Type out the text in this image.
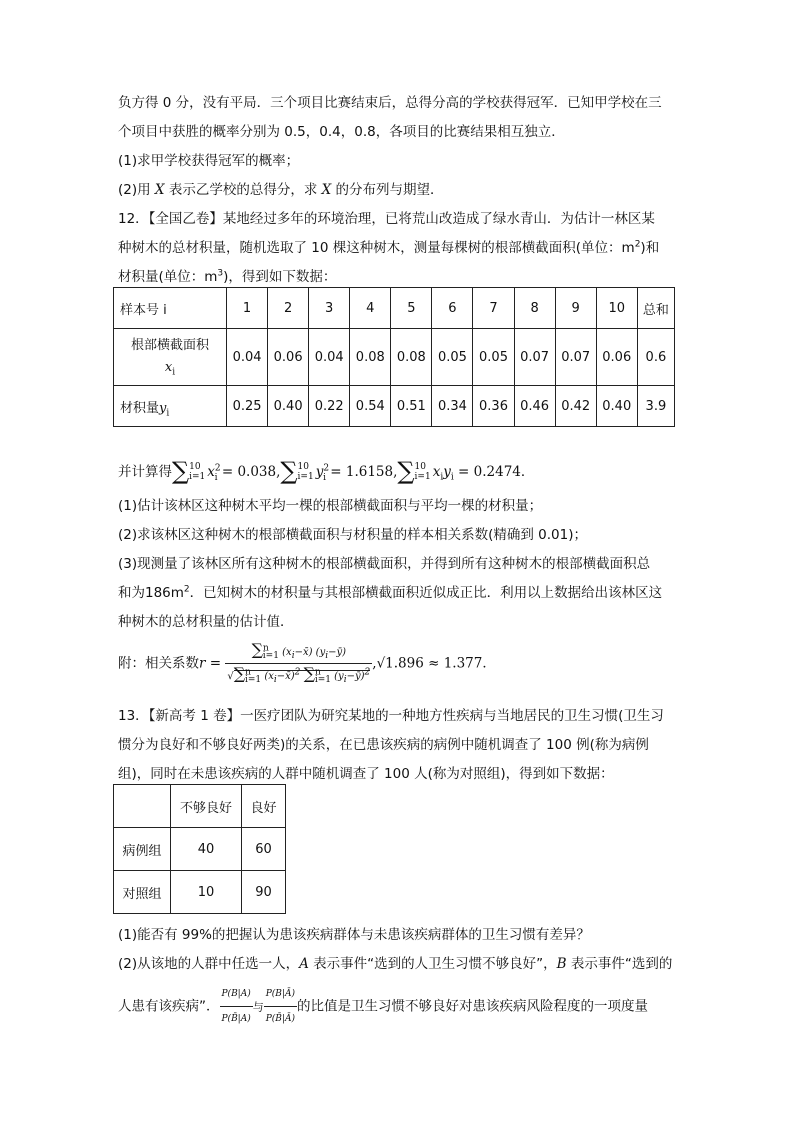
负方得 0 分，没有平局．三个项目比赛结束后，总得分高的学校获得冠军．已知甲学校在三
个项目中获胜的概率分别为 0.5，0.4，0.8，各项目的比赛结果相互独立．
(1)求甲学校获得冠军的概率；
(2)用 X 表示乙学校的总得分，求 X 的分布列与期望．
12．【全国乙卷】某地经过多年的环境治理，已将荒山改造成了绿水青山．为估计一林区某
种树木的总材积量，随机选取了 10 棵这种树木，测量每棵树的根部横截面积(单位：$m^2$)和
材积量(单位：$m^3$)，得到如下数据：
样本号 i	1	2	3	4	5	6	7	8	9	10	总和

根部横截面积
$x_i$	0.04	0.06	0.04	0.08	0.08	0.05	0.05	0.07	0.07	0.06	0.6
材积量$y_i$	0.25	0.40	0.22	0.54	0.51	0.34	0.36	0.46	0.42	0.40	3.9
并计算得∑10
i=1 $x^2_i = 0.038,\sum 10$
i=1 $y^2_i = 1.6158,\sum 10$
i=1 $x_iy_i = 0.2474$．
(1)估计该林区这种树木平均一棵的根部横截面积与平均一棵的材积量；
(2)求该林区这种树木的根部横截面积与材积量的样本相关系数(精确到 0.01)；
(3)现测量了该林区所有这种树木的根部横截面积，并得到所有这种树木的根部横截面积总
和为$186m^2$．已知树木的材积量与其根部横截面积近似成正比．利用以上数据给出该林区这
种树木的总材积量的估计值．
附：相关系数$r = \frac{\sum^n_{i=1} (x_i-x̄) (y_i-ȳ)}{√\sum^n_{i=1} (x_i-x̄)^2 \sum^n_{i=1} (y_i-ȳ)^2} ,√1.896 \approx 1.377$．
13．【新高考 1 卷】一医疗团队为研究某地的一种地方性疾病与当地居民的卫生习惯(卫生习
惯分为良好和不够良好两类)的关系，在已患该疾病的病例中随机调查了 100 例(称为病例
组)，同时在未患该疾病的人群中随机调查了 100 人(称为对照组)，得到如下数据：
	不够良好	良好
病例组	40	60
对照组	10	90
(1)能否有 99%的把握认为患该疾病群体与未患该疾病群体的卫生习惯有差异？
(2)从该地的人群中任选一人，A 表示事件“选到的人卫生习惯不够良好”，B 表示事件“选到的
人患有该疾病”． $\frac{P(B|A)}{P(B̄|A)}$ 与 $\frac{P(B|Ā)}{P(B̄|Ā)}$ 的比值是卫生习惯不够良好对患该疾病风险程度的一项度量
